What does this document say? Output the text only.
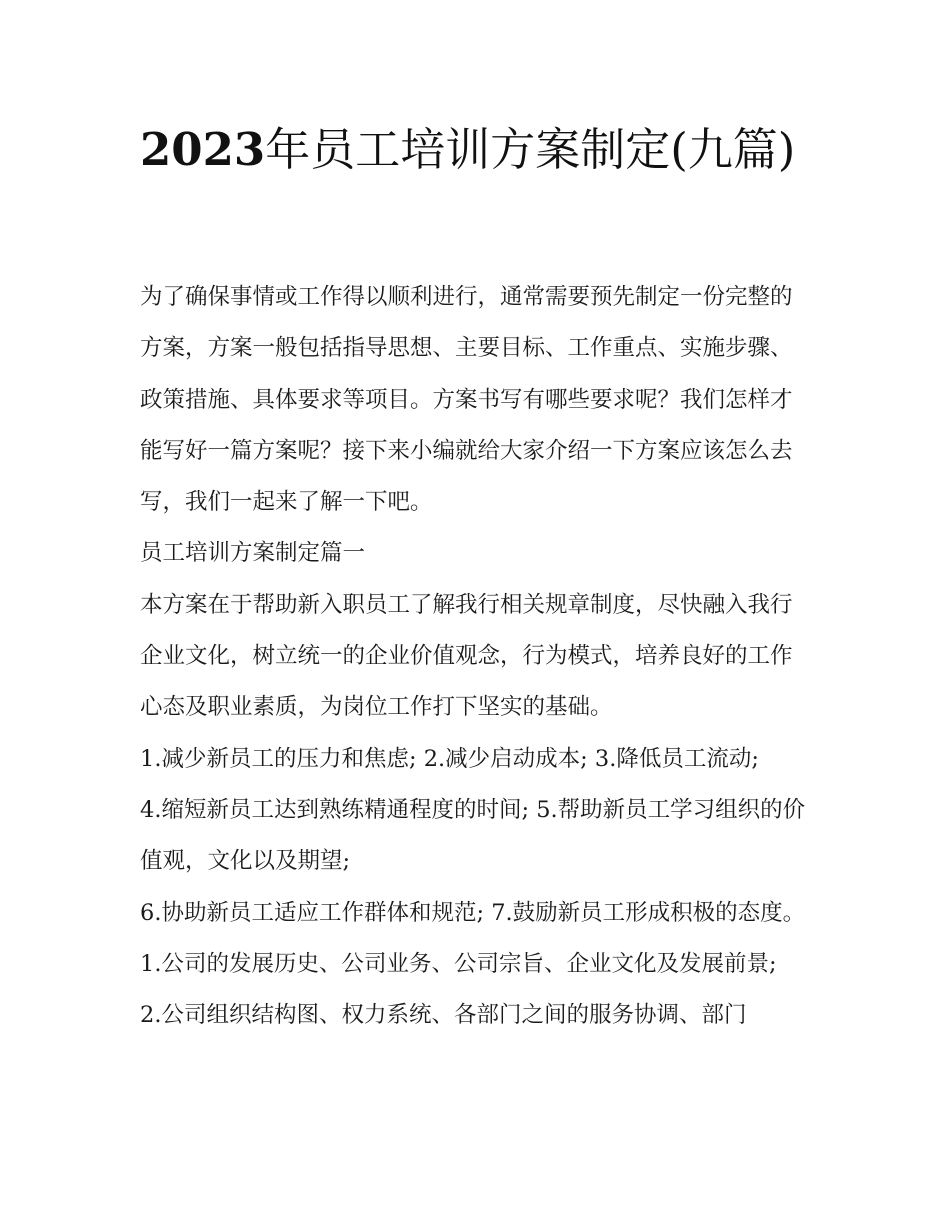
2023年员工培训方案制定(九篇)

为了确保事情或工作得以顺利进行，通常需要预先制定一份完整的方案，方案一般包括指导思想、主要目标、工作重点、实施步骤、政策措施、具体要求等项目。方案书写有哪些要求呢？我们怎样才能写好一篇方案呢？接下来小编就给大家介绍一下方案应该怎么去写，我们一起来了解一下吧。

员工培训方案制定篇一

本方案在于帮助新入职员工了解我行相关规章制度，尽快融入我行企业文化，树立统一的企业价值观念，行为模式，培养良好的工作心态及职业素质，为岗位工作打下坚实的基础。

1.减少新员工的压力和焦虑; 2.减少启动成本; 3.降低员工流动;

4.缩短新员工达到熟练精通程度的时间; 5.帮助新员工学习组织的价值观，文化以及期望;

6.协助新员工适应工作群体和规范; 7.鼓励新员工形成积极的态度。 1.公司的发展历史、公司业务、公司宗旨、企业文化及发展前景;

2.公司组织结构图、权力系统、各部门之间的服务协调、部门
